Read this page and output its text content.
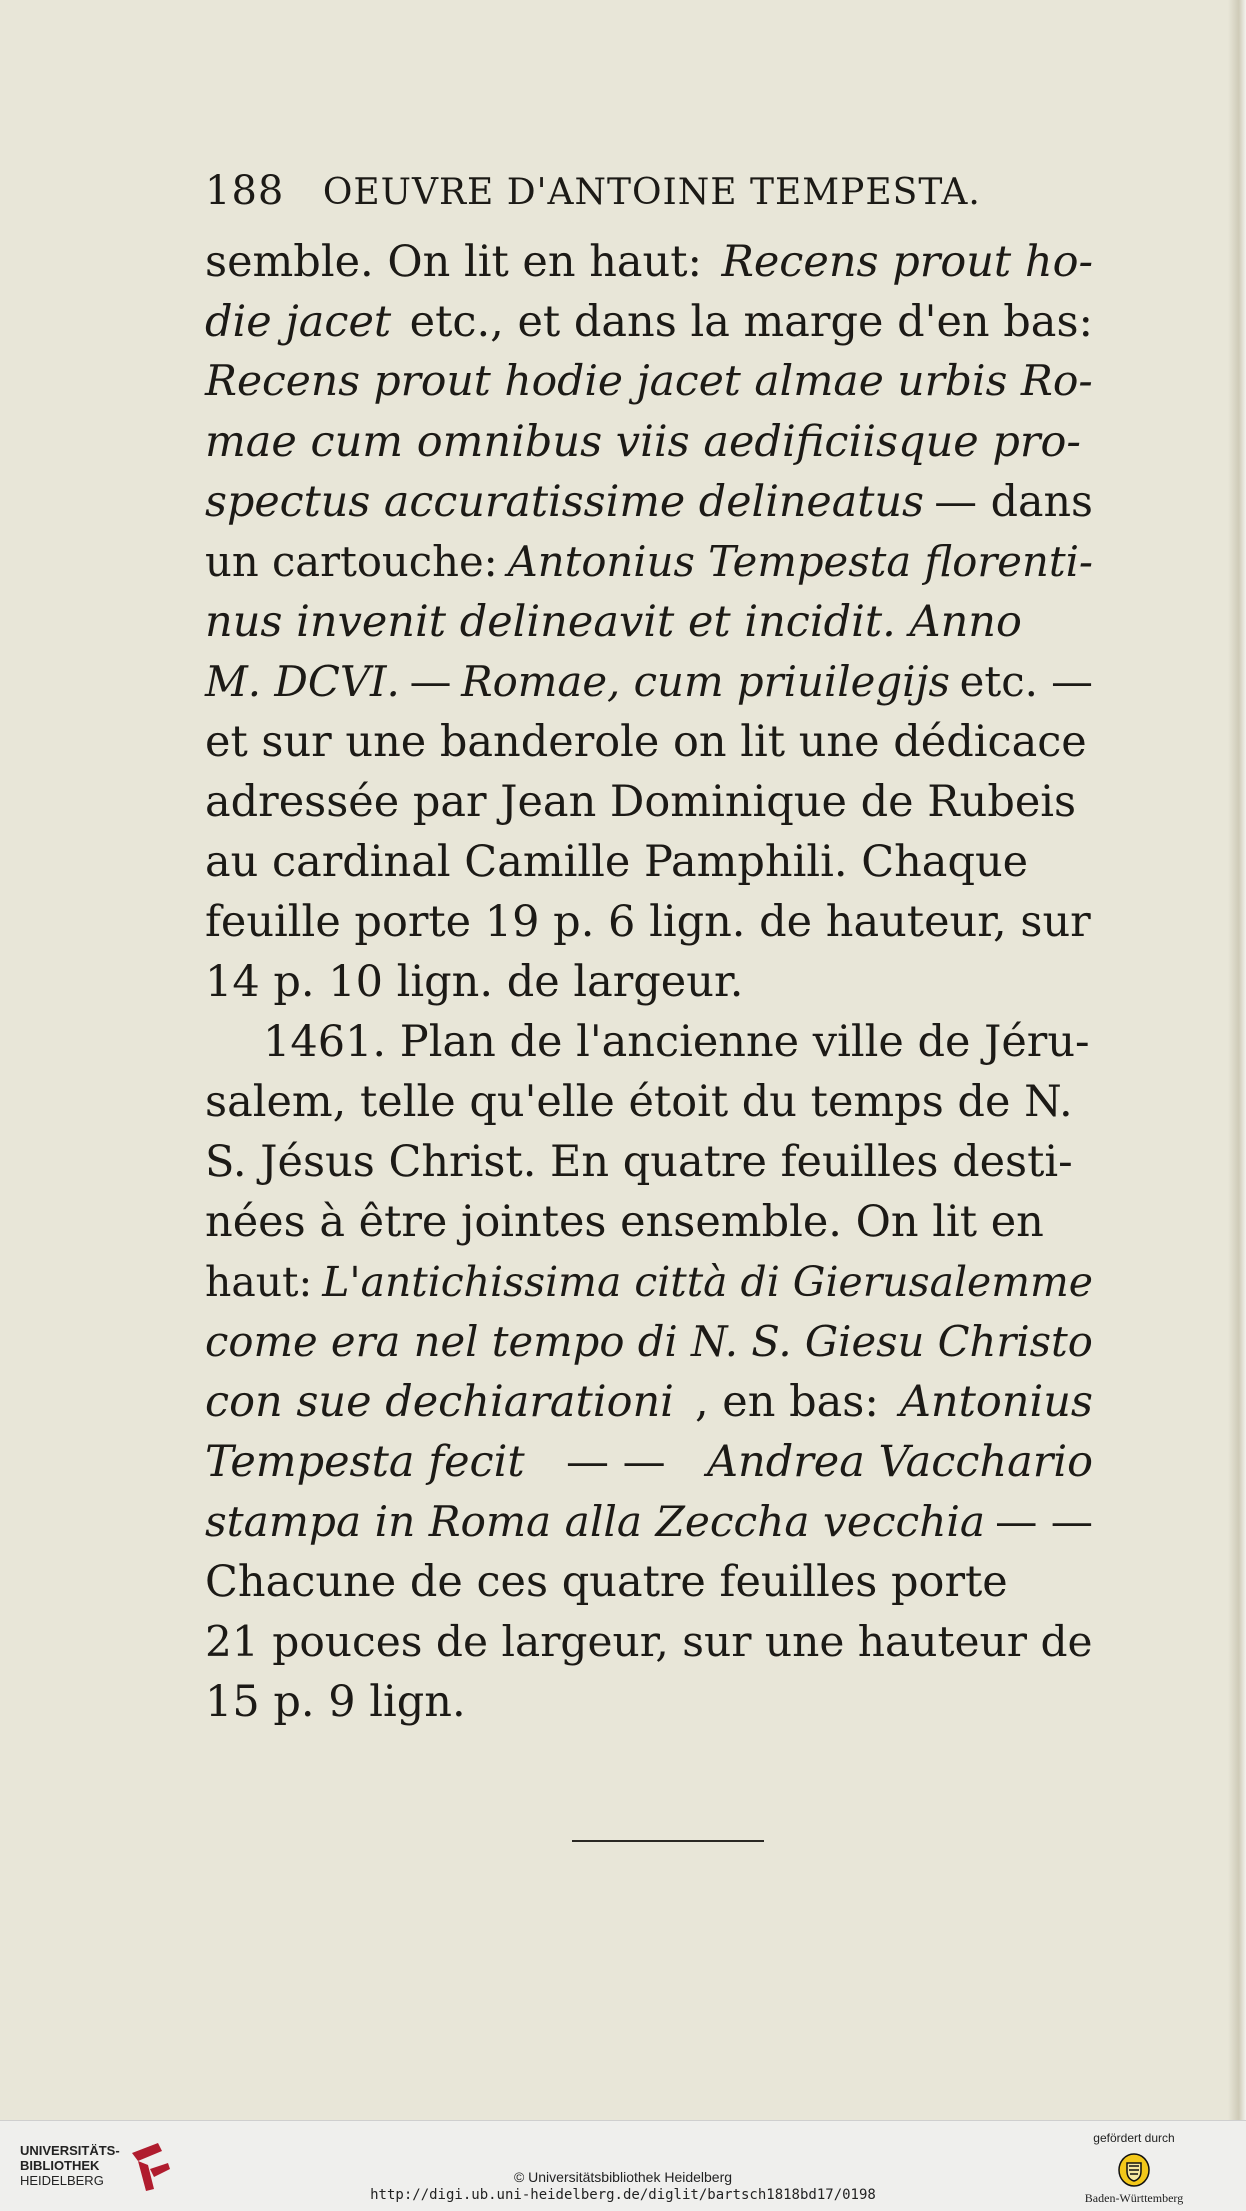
188 OEUVRE D'ANTOINE TEMPESTA.
semble. On lit en haut: Recens prout ho-
die jacet etc., et dans la marge d'en bas:
Recens prout hodie jacet almae urbis Ro-
mae cum omnibus viis aedificiisque pro-
spectus accuratissime delineatus — dans
un cartouche: Antonius Tempesta florenti-
nus invenit delineavit et incidit. Anno
M. DCVI. — Romae, cum priuilegijs etc. —
et sur une banderole on lit une dédicace
adressée par Jean Dominique de Rubeis
au cardinal Camille Pamphili. Chaque
feuille porte 19 p. 6 lign. de hauteur, sur
14 p. 10 lign. de largeur.
1461. Plan de l'ancienne ville de Jéru-
salem, telle qu'elle étoit du temps de N.
S. Jésus Christ. En quatre feuilles desti-
nées à être jointes ensemble. On lit en
haut: L'antichissima città di Gierusalemme
come era nel tempo di N. S. Giesu Christo
con sue dechiarationi , en bas: Antonius
Tempesta fecit — — Andrea Vacchario
stampa in Roma alla Zeccha vecchia — —
Chacune de ces quatre feuilles porte
21 pouces de largeur, sur une hauteur de
15 p. 9 lign.
UNIVERSITÄTS-
BIBLIOTHEK
HEIDELBERG	© Universitätsbibliothek Heidelberg
http://digi.ub.uni-heidelberg.de/diglit/bartsch1818bd17/0198
gefördert durch
Baden-Württemberg
